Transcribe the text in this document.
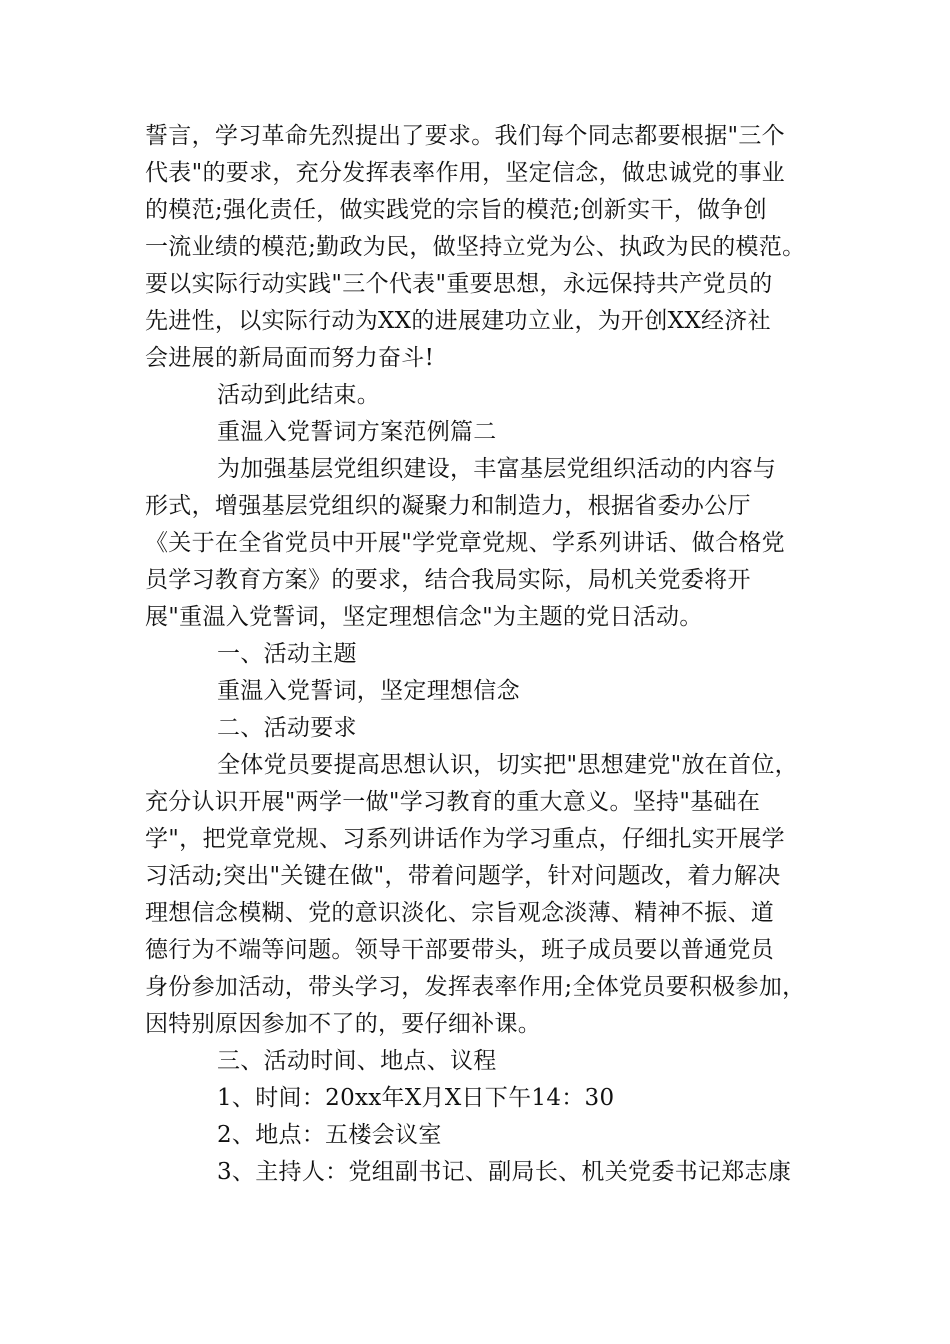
誓言，学习革命先烈提出了要求。我们每个同志都要根据"三个
代表"的要求，充分发挥表率作用，坚定信念，做忠诚党的事业
的模范;强化责任，做实践党的宗旨的模范;创新实干，做争创
一流业绩的模范;勤政为民，做坚持立党为公、执政为民的模范。
要以实际行动实践"三个代表"重要思想，永远保持共产党员的
先进性，以实际行动为XX的进展建功立业，为开创XX经济社
会进展的新局面而努力奋斗!
活动到此结束。
重温入党誓词方案范例篇二
为加强基层党组织建设，丰富基层党组织活动的内容与
形式，增强基层党组织的凝聚力和制造力，根据省委办公厅
《关于在全省党员中开展"学党章党规、学系列讲话、做合格党
员学习教育方案》的要求，结合我局实际，局机关党委将开
展"重温入党誓词，坚定理想信念"为主题的党日活动。
一、活动主题
重温入党誓词，坚定理想信念
二、活动要求
全体党员要提高思想认识，切实把"思想建党"放在首位，
充分认识开展"两学一做"学习教育的重大意义。坚持"基础在
学"，把党章党规、习系列讲话作为学习重点，仔细扎实开展学
习活动;突出"关键在做"，带着问题学，针对问题改，着力解决
理想信念模糊、党的意识淡化、宗旨观念淡薄、精神不振、道
德行为不端等问题。领导干部要带头，班子成员要以普通党员
身份参加活动，带头学习，发挥表率作用;全体党员要积极参加，
因特别原因参加不了的，要仔细补课。
三、活动时间、地点、议程
1、时间：20xx年X月X日下午14：30
2、地点：五楼会议室
3、主持人：党组副书记、副局长、机关党委书记郑志康
